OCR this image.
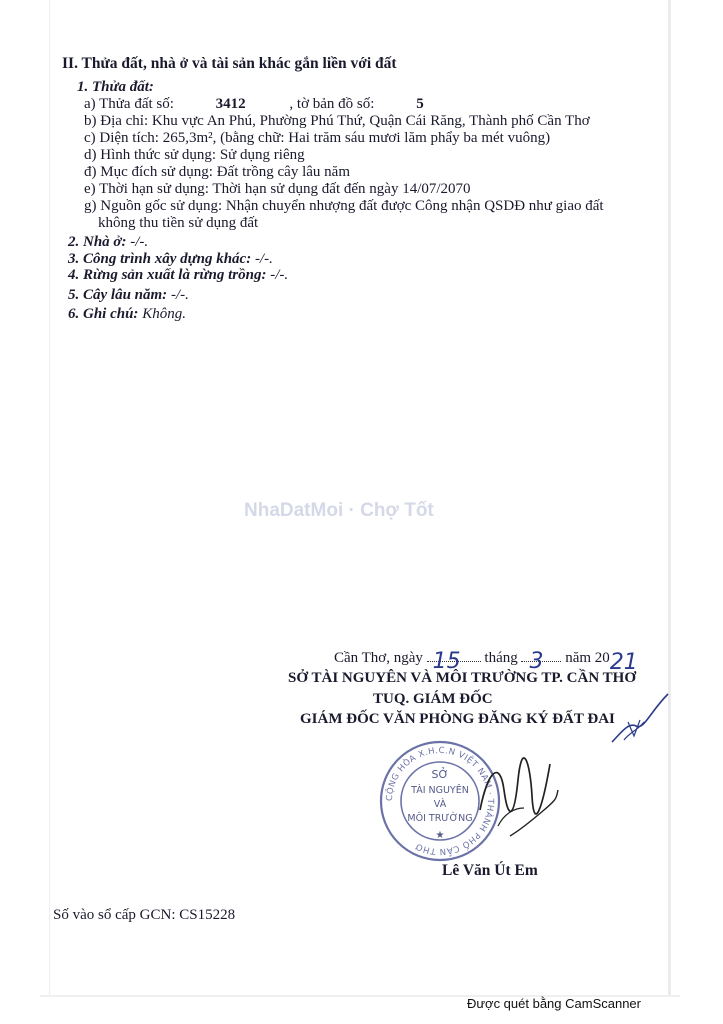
II. Thửa đất, nhà ở và tài sản khác gắn liền với đất
1. Thửa đất:
a) Thửa đất số:	3412	, tờ bản đồ số:	5
b) Địa chỉ: Khu vực An Phú, Phường Phú Thứ, Quận Cái Răng, Thành phố Cần Thơ
c) Diện tích: 265,3m², (bằng chữ: Hai trăm sáu mươi lăm phẩy ba mét vuông)
d) Hình thức sử dụng: Sử dụng riêng
đ) Mục đích sử dụng: Đất trồng cây lâu năm
e) Thời hạn sử dụng: Thời hạn sử dụng đất đến ngày 14/07/2070
g) Nguồn gốc sử dụng: Nhận chuyển nhượng đất được Công nhận QSDĐ như giao đất
không thu tiền sử dụng đất
2. Nhà ở: -/-.
3. Công trình xây dựng khác: -/-.
4. Rừng sản xuất là rừng trồng: -/-.
5. Cây lâu năm: -/-.
6. Ghi chú: Không.
NhaDatMoi · Chợ Tốt
Cần Thơ, ngày 15 tháng 3 năm 20 21
SỞ TÀI NGUYÊN VÀ MÔI TRƯỜNG TP. CẦN THƠ
TUQ. GIÁM ĐỐC
GIÁM ĐỐC VĂN PHÒNG ĐĂNG KÝ ĐẤT ĐAI
CỘNG HÒA X.H.C.N VIỆT NAM · THÀNH PHỐ CẦN THƠ
SỞ
TÀI NGUYÊN
VÀ
MÔI TRƯỜNG
★
Lê Văn Út Em
Số vào sổ cấp GCN: CS15228
Được quét bằng CamScanner
